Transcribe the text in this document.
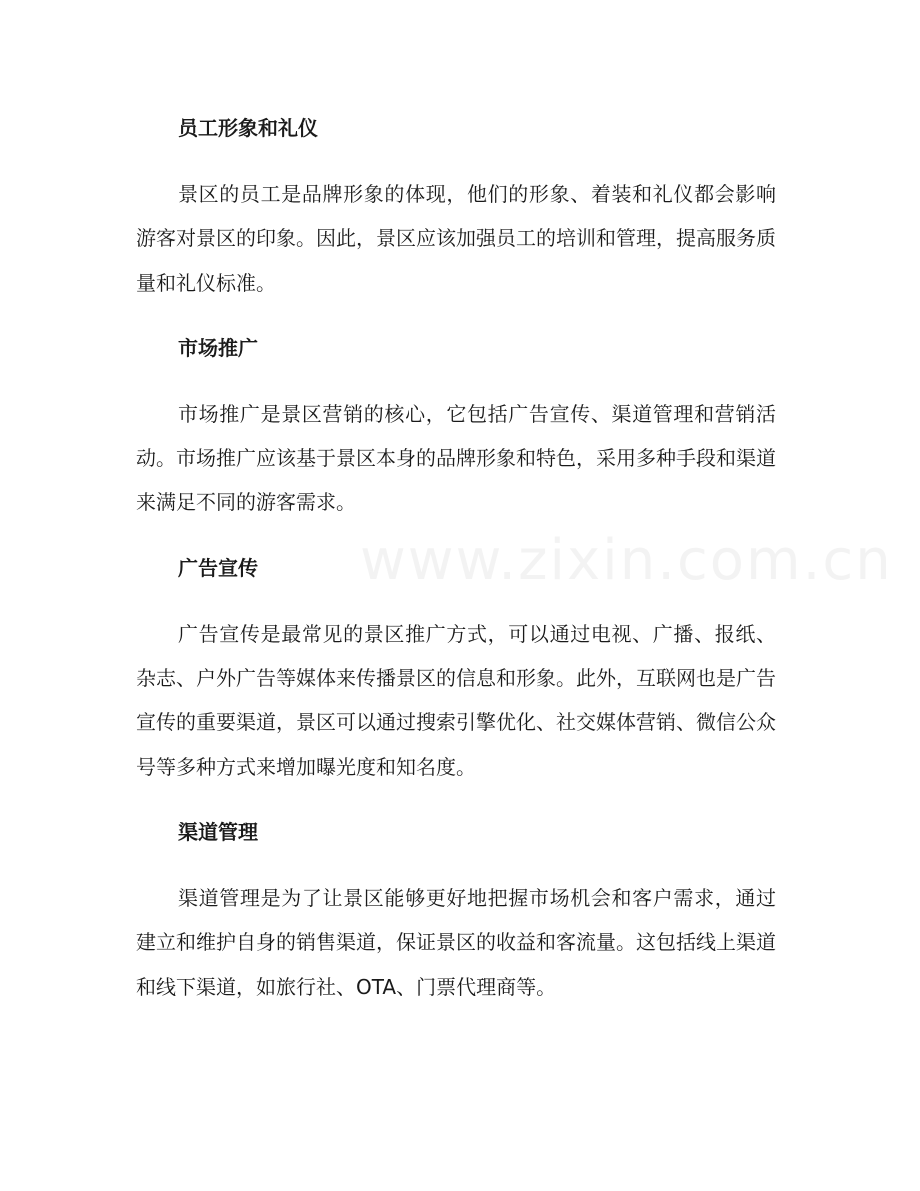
www.zixin.com.cn
员工形象和礼仪

景区的员工是品牌形象的体现，他们的形象、着装和礼仪都会影响游客对景区的印象。因此，景区应该加强员工的培训和管理，提高服务质量和礼仪标准。

市场推广

市场推广是景区营销的核心，它包括广告宣传、渠道管理和营销活动。市场推广应该基于景区本身的品牌形象和特色，采用多种手段和渠道来满足不同的游客需求。

广告宣传

广告宣传是最常见的景区推广方式，可以通过电视、广播、报纸、杂志、户外广告等媒体来传播景区的信息和形象。此外，互联网也是广告宣传的重要渠道，景区可以通过搜索引擎优化、社交媒体营销、微信公众号等多种方式来增加曝光度和知名度。

渠道管理

渠道管理是为了让景区能够更好地把握市场机会和客户需求，通过建立和维护自身的销售渠道，保证景区的收益和客流量。这包括线上渠道和线下渠道，如旅行社、OTA、门票代理商等。
